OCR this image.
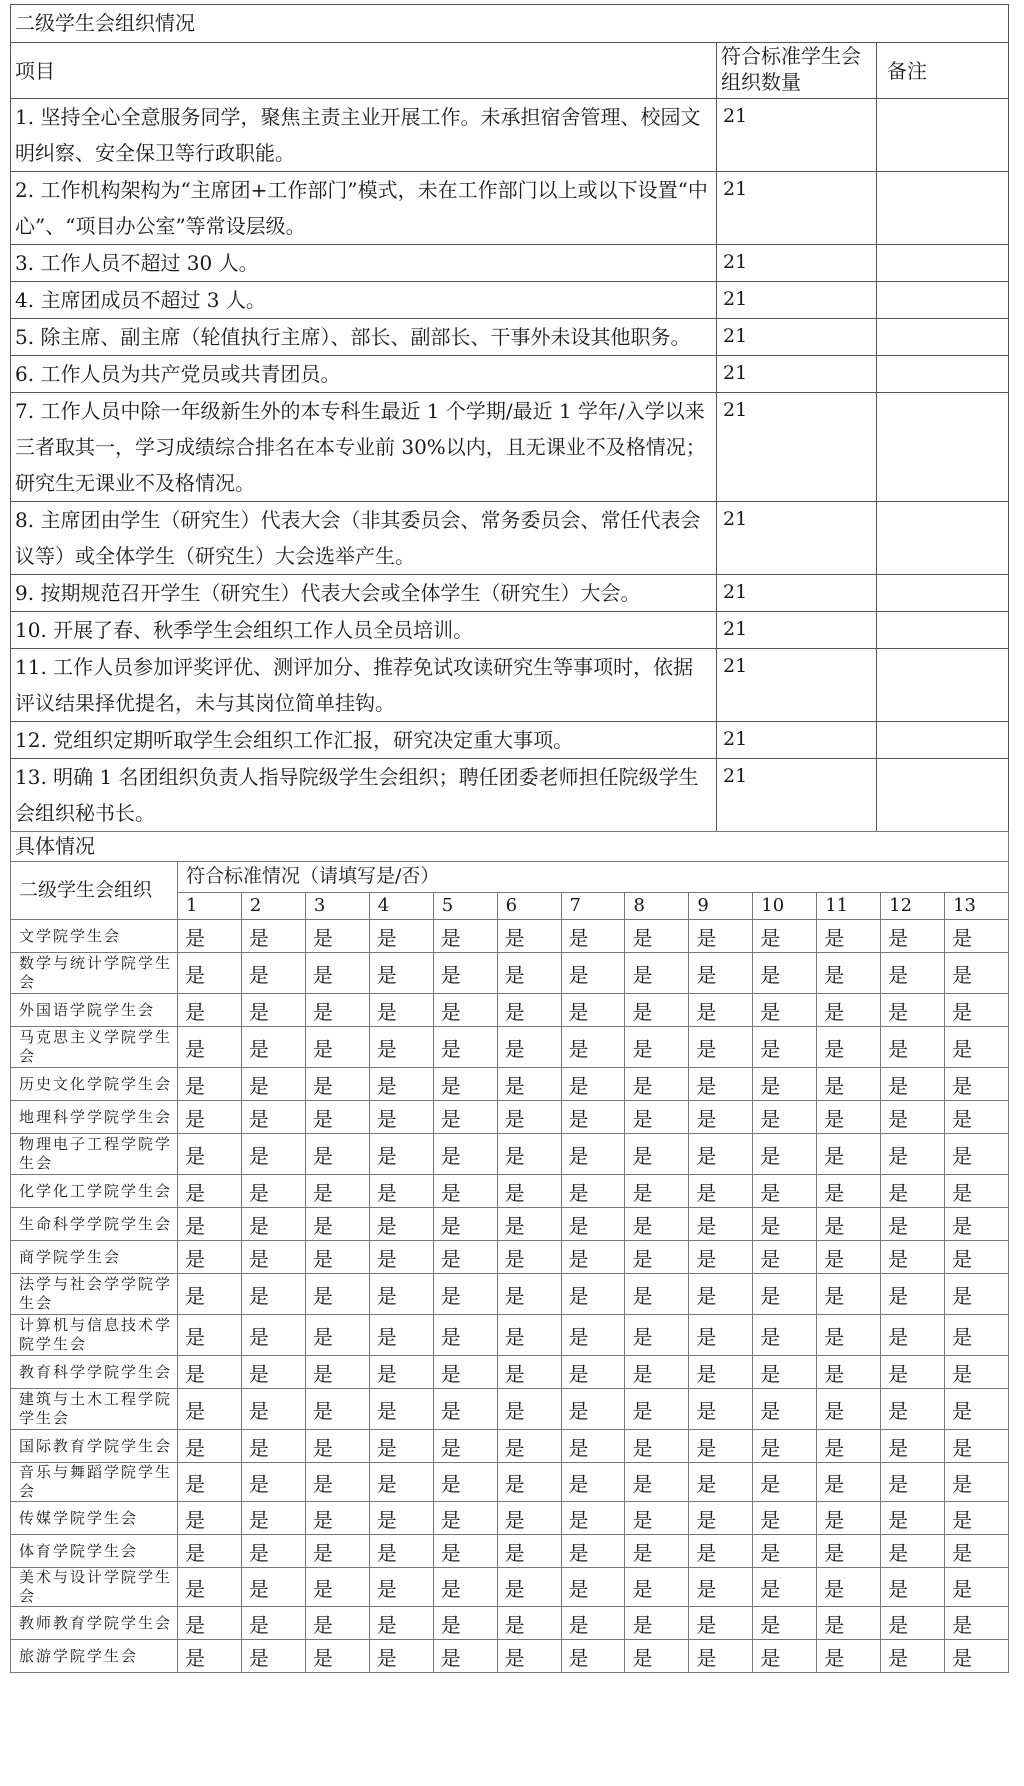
二级学生会组织情况		
项目	符合标准学生会组织数量	备注
1. 坚持全心全意服务同学，聚焦主责主业开展工作。未承担宿舍管理、校园文明纠察、安全保卫等行政职能。	21	
2. 工作机构架构为“主席团+工作部门”模式，未在工作部门以上或以下设置“中心”、“项目办公室”等常设层级。	21	
3. 工作人员不超过 30 人。	21	
4. 主席团成员不超过 3 人。	21	
5. 除主席、副主席（轮值执行主席）、部长、副部长、干事外未设其他职务。	21	
6. 工作人员为共产党员或共青团员。	21	
7. 工作人员中除一年级新生外的本专科生最近 1 个学期/最近 1 学年/入学以来三者取其一，学习成绩综合排名在本专业前 30%以内，且无课业不及格情况；研究生无课业不及格情况。	21	
8. 主席团由学生（研究生）代表大会（非其委员会、常务委员会、常任代表会议等）或全体学生（研究生）大会选举产生。	21	
9. 按期规范召开学生（研究生）代表大会或全体学生（研究生）大会。	21	
10. 开展了春、秋季学生会组织工作人员全员培训。	21	
11. 工作人员参加评奖评优、测评加分、推荐免试攻读研究生等事项时，依据评议结果择优提名，未与其岗位简单挂钩。	21	
12. 党组织定期听取学生会组织工作汇报，研究决定重大事项。	21	
13. 明确 1 名团组织负责人指导院级学生会组织；聘任团委老师担任院级学生会组织秘书长。	21	
具体情况													
二级学生会组织	符合标准情况（请填写是/否）												
	1	2	3	4	5	6	7	8	9	10	11	12	13
文学院学生会	是	是	是	是	是	是	是	是	是	是	是	是	是
数学与统计学院学生会	是	是	是	是	是	是	是	是	是	是	是	是	是
外国语学院学生会	是	是	是	是	是	是	是	是	是	是	是	是	是
马克思主义学院学生会	是	是	是	是	是	是	是	是	是	是	是	是	是
历史文化学院学生会	是	是	是	是	是	是	是	是	是	是	是	是	是
地理科学学院学生会	是	是	是	是	是	是	是	是	是	是	是	是	是
物理电子工程学院学生会	是	是	是	是	是	是	是	是	是	是	是	是	是
化学化工学院学生会	是	是	是	是	是	是	是	是	是	是	是	是	是
生命科学学院学生会	是	是	是	是	是	是	是	是	是	是	是	是	是
商学院学生会	是	是	是	是	是	是	是	是	是	是	是	是	是
法学与社会学学院学生会	是	是	是	是	是	是	是	是	是	是	是	是	是
计算机与信息技术学院学生会	是	是	是	是	是	是	是	是	是	是	是	是	是
教育科学学院学生会	是	是	是	是	是	是	是	是	是	是	是	是	是
建筑与土木工程学院学生会	是	是	是	是	是	是	是	是	是	是	是	是	是
国际教育学院学生会	是	是	是	是	是	是	是	是	是	是	是	是	是
音乐与舞蹈学院学生会	是	是	是	是	是	是	是	是	是	是	是	是	是
传媒学院学生会	是	是	是	是	是	是	是	是	是	是	是	是	是
体育学院学生会	是	是	是	是	是	是	是	是	是	是	是	是	是
美术与设计学院学生会	是	是	是	是	是	是	是	是	是	是	是	是	是
教师教育学院学生会	是	是	是	是	是	是	是	是	是	是	是	是	是
旅游学院学生会	是	是	是	是	是	是	是	是	是	是	是	是	是
